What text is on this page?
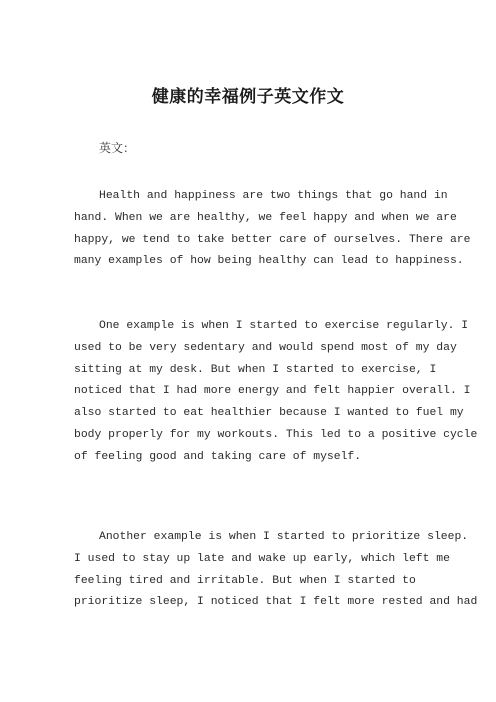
健康的幸福例子英文作文
英文：
Health and happiness are two things that go hand in
hand. When we are healthy, we feel happy and when we are
happy, we tend to take better care of ourselves. There are
many examples of how being healthy can lead to happiness.
One example is when I started to exercise regularly. I
used to be very sedentary and would spend most of my day
sitting at my desk. But when I started to exercise, I
noticed that I had more energy and felt happier overall. I
also started to eat healthier because I wanted to fuel my
body properly for my workouts. This led to a positive cycle
of feeling good and taking care of myself.
Another example is when I started to prioritize sleep.
I used to stay up late and wake up early, which left me
feeling tired and irritable. But when I started to
prioritize sleep, I noticed that I felt more rested and had
